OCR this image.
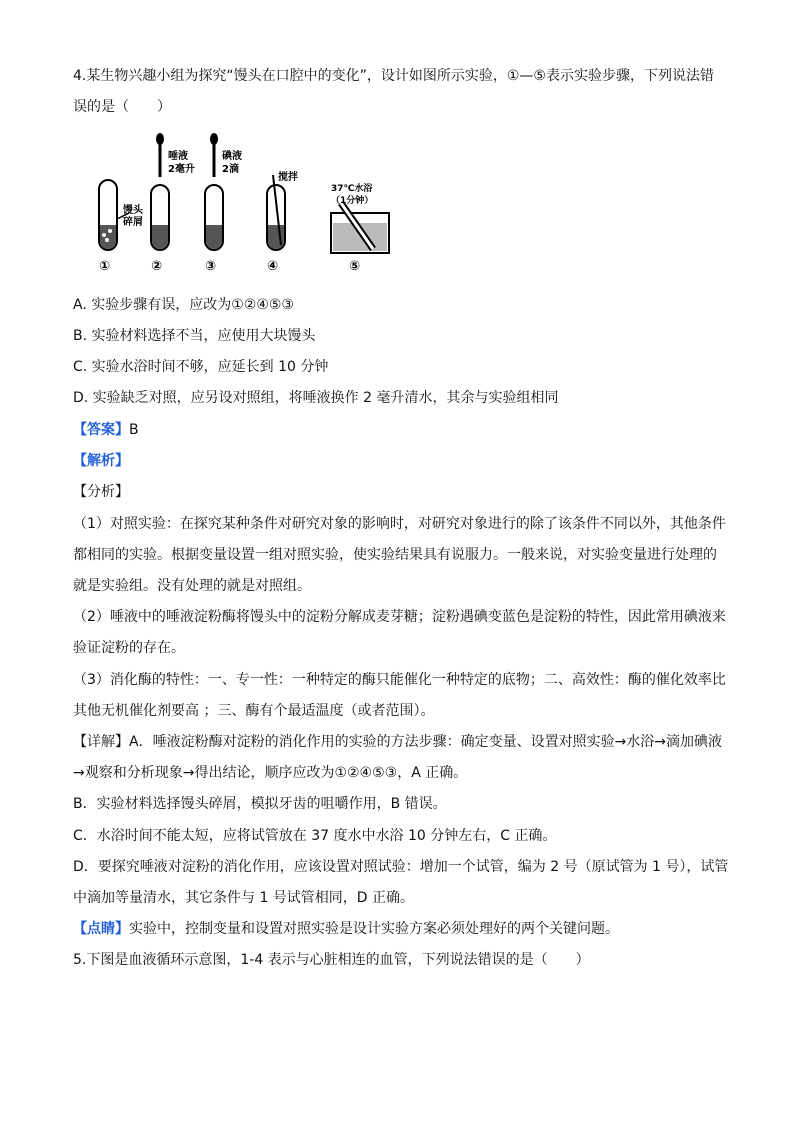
4.某生物兴趣小组为探究“馒头在口腔中的变化”，设计如图所示实验，①—⑤表示实验步骤，下列说法错
误的是（　　）
馒头
碎屑
唾液
2毫升
碘液
2滴
搅拌
37℃水浴
（1分钟）
①	②	③	④	⑤
A. 实验步骤有误，应改为①②④⑤③
B. 实验材料选择不当，应使用大块馒头
C. 实验水浴时间不够，应延长到 10 分钟
D. 实验缺乏对照，应另设对照组，将唾液换作 2 毫升清水，其余与实验组相同
【答案】B
【解析】
【分析】
（1）对照实验：在探究某种条件对研究对象的影响时，对研究对象进行的除了该条件不同以外，其他条件
都相同的实验。根据变量设置一组对照实验，使实验结果具有说服力。一般来说，对实验变量进行处理的
就是实验组。没有处理的就是对照组。
（2）唾液中的唾液淀粉酶将馒头中的淀粉分解成麦芽糖；淀粉遇碘变蓝色是淀粉的特性，因此常用碘液来
验证淀粉的存在。
（3）消化酶的特性：一、专一性：一种特定的酶只能催化一种特定的底物；二、高效性：酶的催化效率比
其他无机催化剂要高 ；三、酶有个最适温度（或者范围）。
【详解】A．唾液淀粉酶对淀粉的消化作用的实验的方法步骤：确定变量、设置对照实验→水浴→滴加碘液
→观察和分析现象→得出结论，顺序应改为①②④⑤③，A 正确。
B．实验材料选择馒头碎屑，模拟牙齿的咀嚼作用，B 错误。
C．水浴时间不能太短，应将试管放在 37 度水中水浴 10 分钟左右，C 正确。
D．要探究唾液对淀粉的消化作用，应该设置对照试验：增加一个试管，编为 2 号（原试管为 1 号），试管
中滴加等量清水，其它条件与 1 号试管相同，D 正确。
【点睛】实验中，控制变量和设置对照实验是设计实验方案必须处理好的两个关键问题。
5.下图是血液循环示意图，1-4 表示与心脏相连的血管，下列说法错误的是（　　）
